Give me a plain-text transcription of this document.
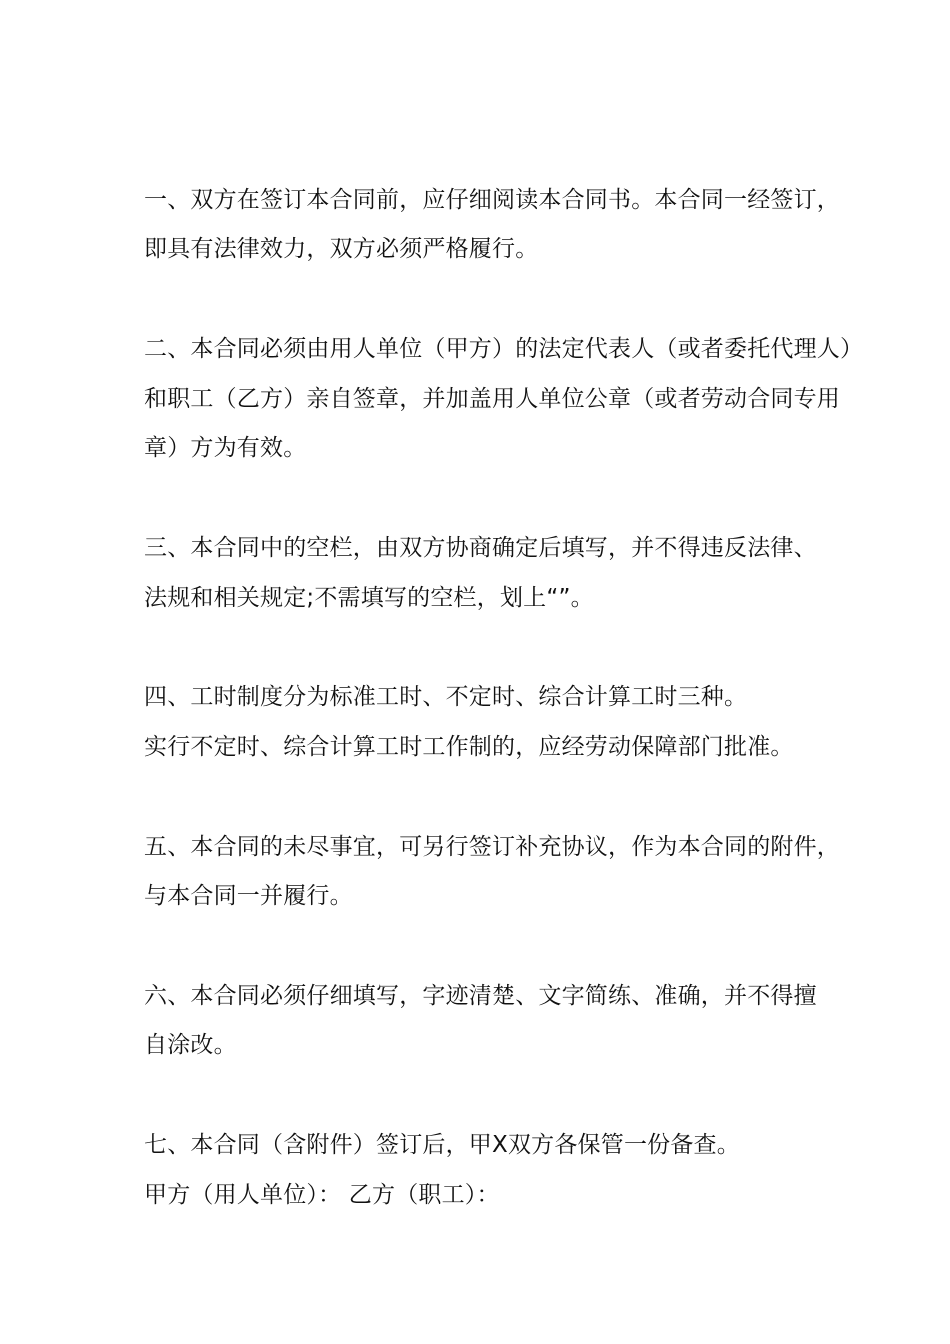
一、双方在签订本合同前，应仔细阅读本合同书。本合同一经签订，
即具有法律效力，双方必须严格履行。
二、本合同必须由用人单位（甲方）的法定代表人（或者委托代理人）
和职工（乙方）亲自签章，并加盖用人单位公章（或者劳动合同专用
章）方为有效。
三、本合同中的空栏，由双方协商确定后填写，并不得违反法律、
法规和相关规定;不需填写的空栏，划上“”。
四、工时制度分为标准工时、不定时、综合计算工时三种。
实行不定时、综合计算工时工作制的，应经劳动保障部门批准。
五、本合同的未尽事宜，可另行签订补充协议，作为本合同的附件，
与本合同一并履行。
六、本合同必须仔细填写，字迹清楚、文字简练、准确，并不得擅
自涂改。
七、本合同（含附件）签订后，甲X双方各保管一份备查。
甲方（用人单位）： 乙方（职工）：
